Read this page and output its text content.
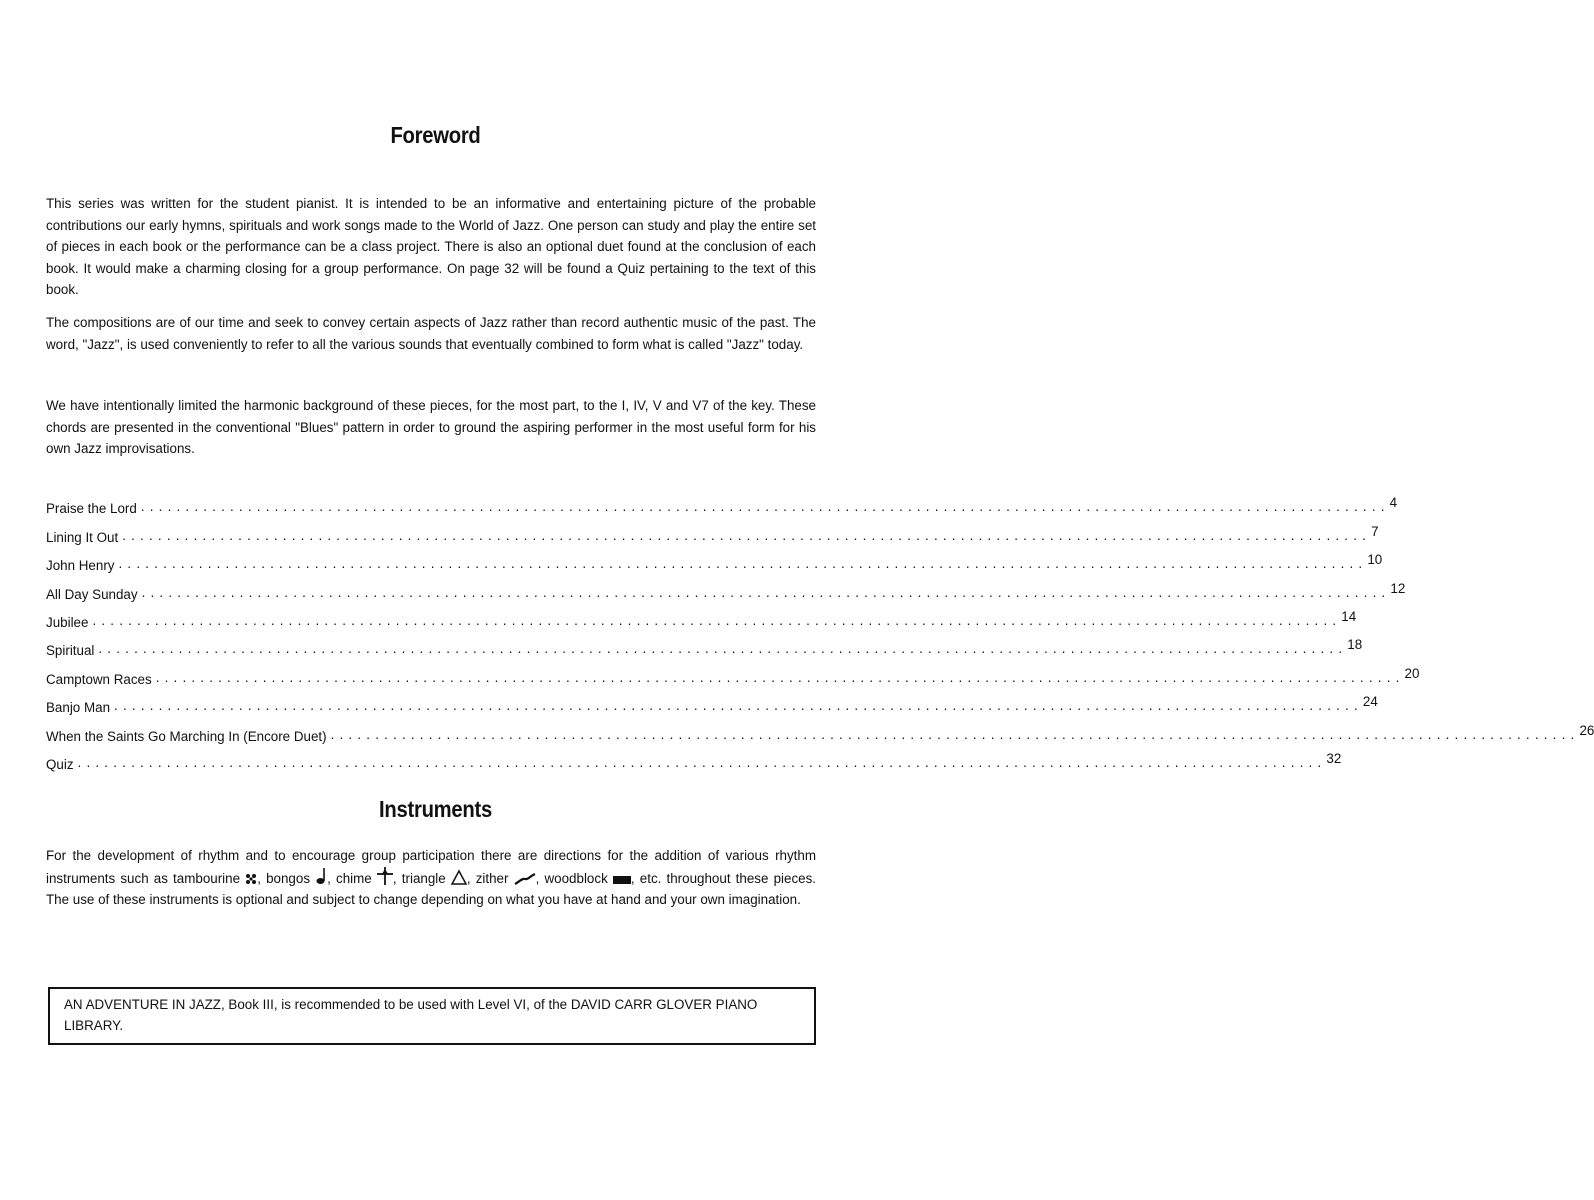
Foreword
This series was written for the student pianist. It is intended to be an informative and entertaining picture of the probable contributions our early hymns, spirituals and work songs made to the World of Jazz. One person can study and play the entire set of pieces in each book or the performance can be a class project. There is also an optional duet found at the conclusion of each book. It would make a charming closing for a group performance. On page 32 will be found a Quiz pertaining to the text of this book.
The compositions are of our time and seek to convey certain aspects of Jazz rather than record authentic music of the past. The word, "Jazz", is used conveniently to refer to all the various sounds that eventually combined to form what is called "Jazz" today.
We have intentionally limited the harmonic background of these pieces, for the most part, to the I, IV, V and V7 of the key. These chords are presented in the conventional "Blues" pattern in order to ground the aspiring performer in the most useful form for his own Jazz improvisations.
Praise the Lord ............................................................................................................................................ 4
Lining It Out ............................................................................................................................................ 7
John Henry ............................................................................................................................................ 10
All Day Sunday ............................................................................................................................................ 12
Jubilee ............................................................................................................................................ 14
Spiritual ............................................................................................................................................ 18
Camptown Races ............................................................................................................................................ 20
Banjo Man ............................................................................................................................................ 24
When the Saints Go Marching In (Encore Duet) ............................................................................................................................................ 26
Quiz ............................................................................................................................................ 32
Instruments
For the development of rhythm and to encourage group participation there are directions for the addition of various rhythm instruments such as tambourine , bongos , chime , triangle , zither , woodblock , etc. throughout these pieces. The use of these instruments is optional and subject to change depending on what you have at hand and your own imagination.
AN ADVENTURE IN JAZZ, Book III, is recommended to be used with Level VI, of the DAVID CARR GLOVER PIANO LIBRARY.
